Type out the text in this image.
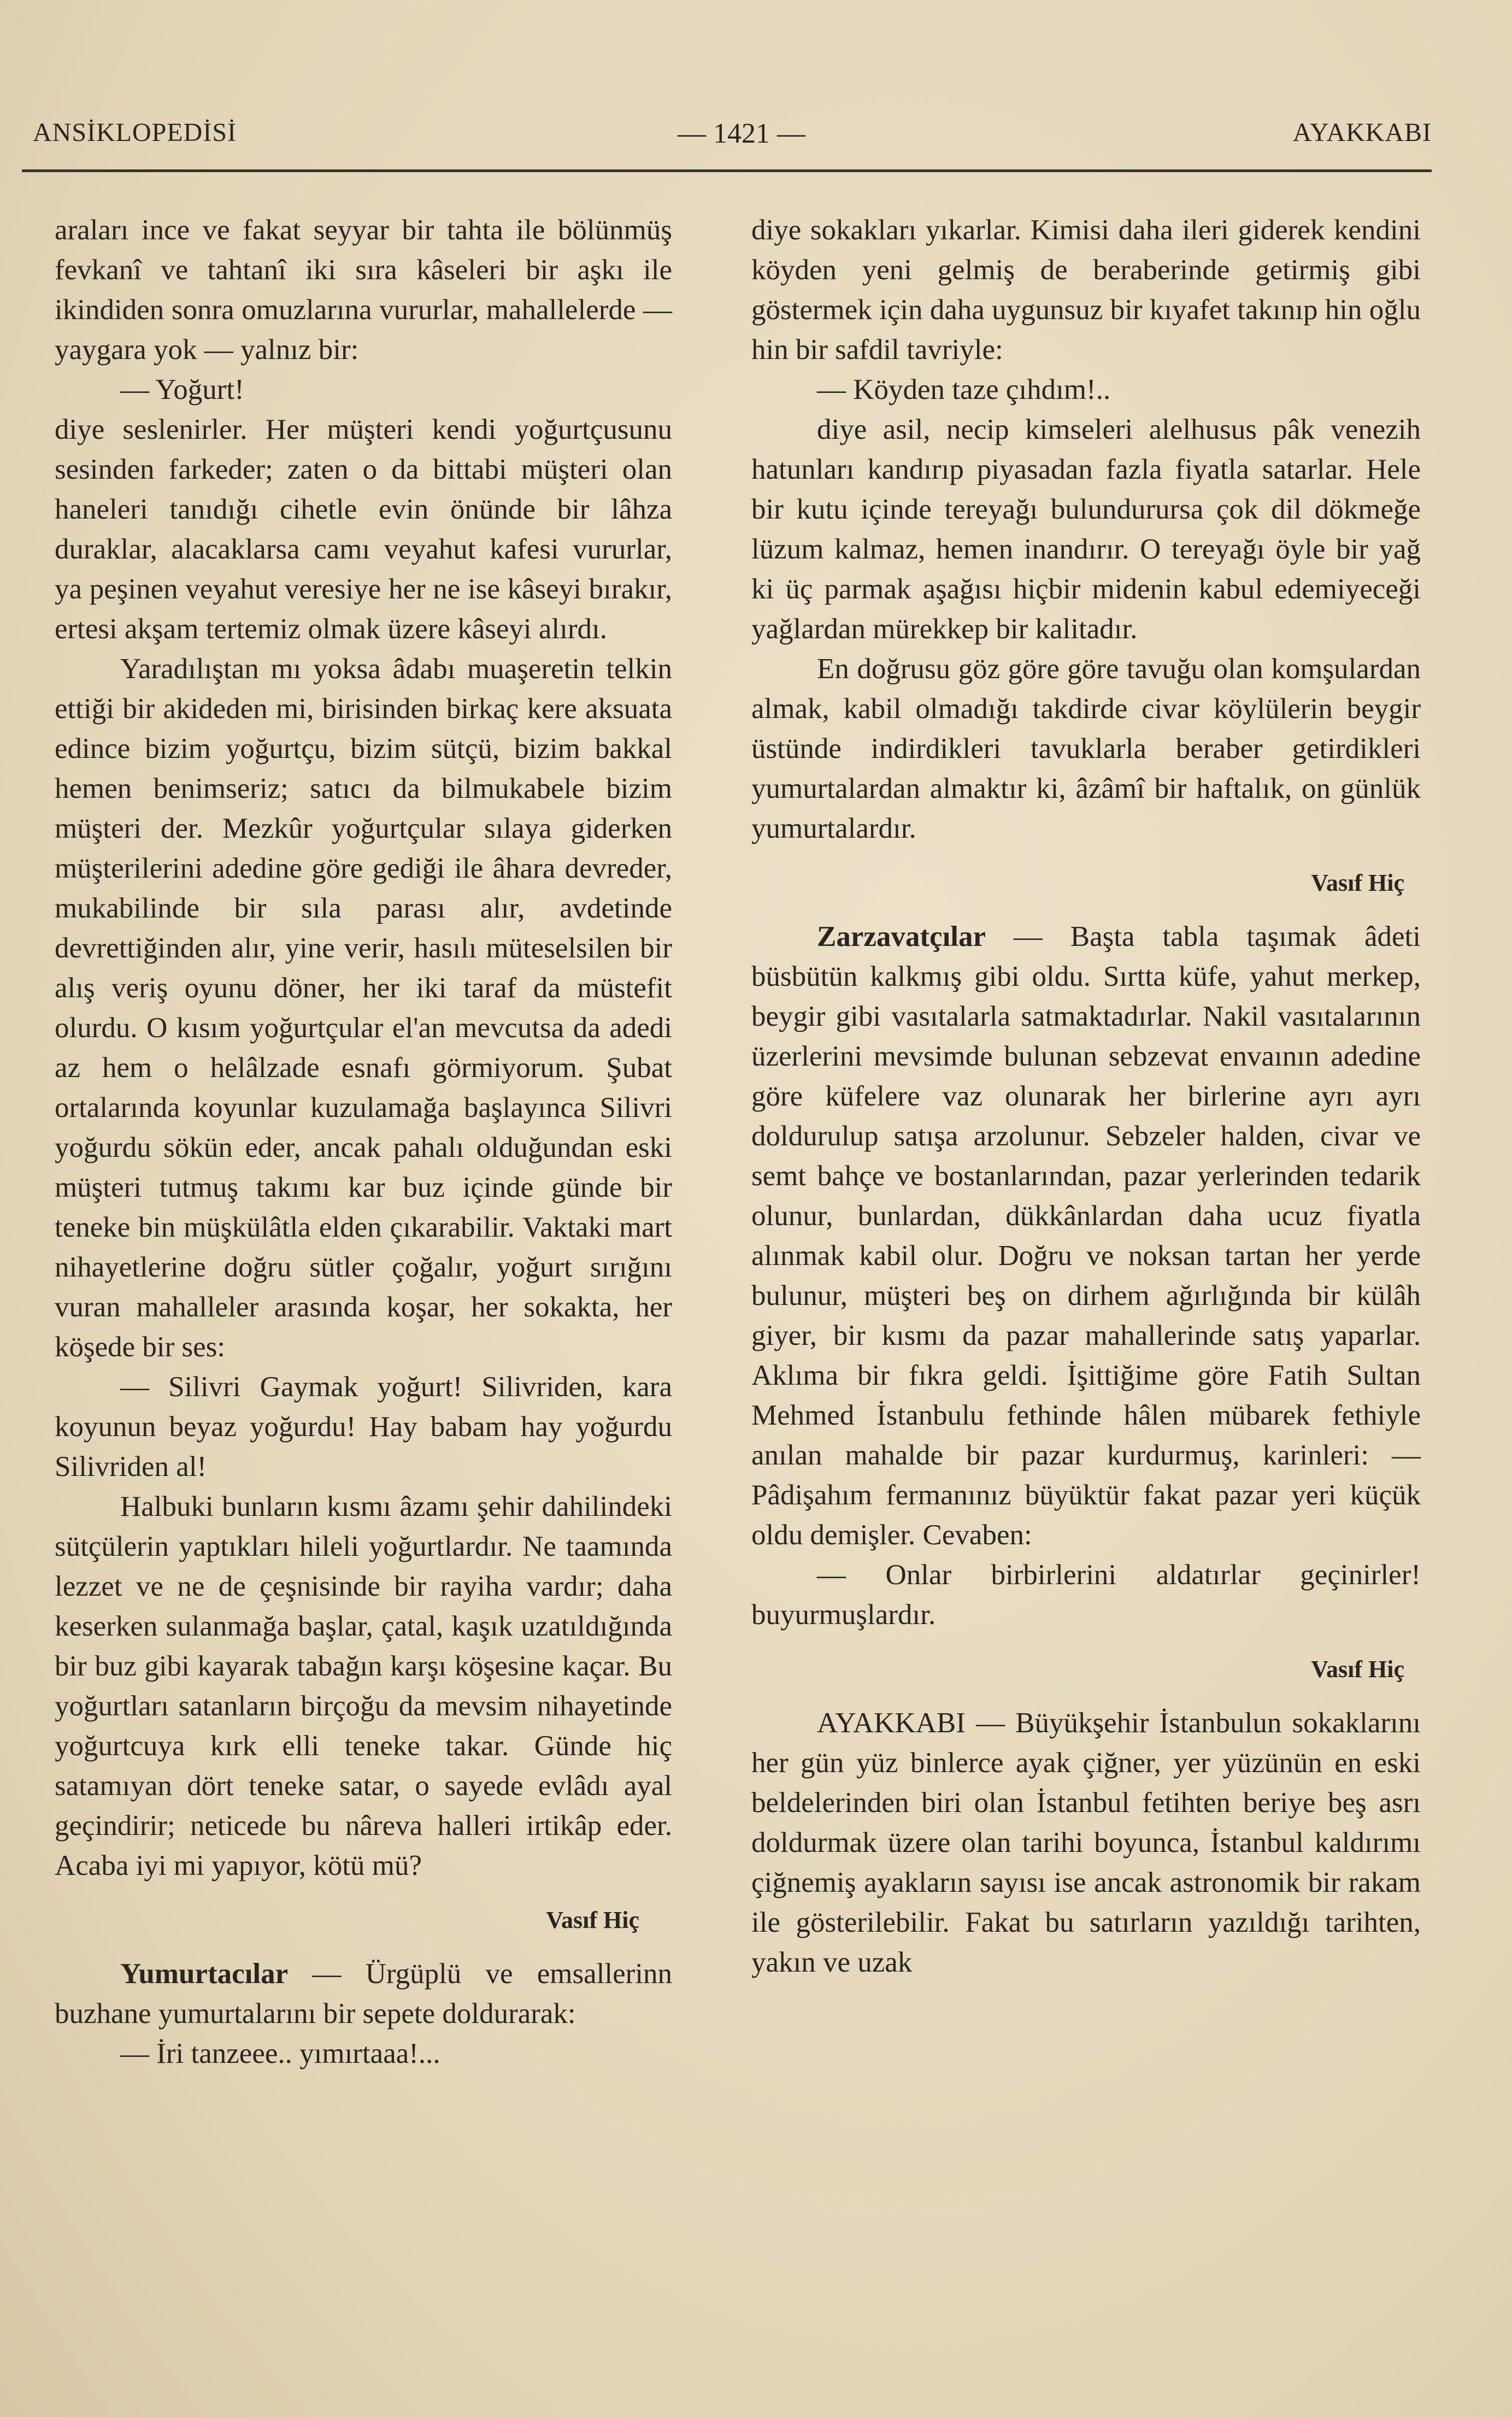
ANSİKLOPEDİSİ	— 1421 —	AYAKKABI

araları ince ve fakat seyyar bir tahta ile bölünmüş fevkanî ve tahtanî iki sıra kâseleri bir aşkı ile ikindiden sonra omuzlarına vururlar, mahallelerde — yaygara yok — yalnız bir:

— Yoğurt!

diye seslenirler. Her müşteri kendi yoğurtçusunu sesinden farkeder; zaten o da bittabi müşteri olan haneleri tanıdığı cihetle evin önünde bir lâhza duraklar, alacaklarsa camı veyahut kafesi vururlar, ya peşinen veyahut veresiye her ne ise kâseyi bırakır, ertesi akşam tertemiz olmak üzere kâseyi alırdı.

Yaradılıştan mı yoksa âdabı muaşeretin telkin ettiği bir akideden mi, birisinden birkaç kere aksuata edince bizim yoğurtçu, bizim sütçü, bizim bakkal hemen benimseriz; satıcı da bilmukabele bizim müşteri der. Mezkûr yoğurtçular sılaya giderken müşterilerini adedine göre gediği ile âhara devreder, mukabilinde bir sıla parası alır, avdetinde devrettiğinden alır, yine verir, hasılı müteselsilen bir alış veriş oyunu döner, her iki taraf da müstefit olurdu. O kısım yoğurtçular el'an mevcutsa da adedi az hem o helâlzade esnafı görmiyorum. Şubat ortalarında koyunlar kuzulamağa başlayınca Silivri yoğurdu sökün eder, ancak pahalı olduğundan eski müşteri tutmuş takımı kar buz içinde günde bir teneke bin müşkülâtla elden çıkarabilir. Vaktaki mart nihayetlerine doğru sütler çoğalır, yoğurt sırığını vuran mahalleler arasında koşar, her sokakta, her köşede bir ses:

— Silivri Gaymak yoğurt! Silivriden, kara koyunun beyaz yoğurdu! Hay babam hay yoğurdu Silivriden al!

Halbuki bunların kısmı âzamı şehir dahilindeki sütçülerin yaptıkları hileli yoğurtlardır. Ne taamında lezzet ve ne de çeşnisinde bir rayiha vardır; daha keserken sulanmağa başlar, çatal, kaşık uzatıldığında bir buz gibi kayarak tabağın karşı köşesine kaçar. Bu yoğurtları satanların birçoğu da mevsim nihayetinde yoğurtcuya kırk elli teneke takar. Günde hiç satamıyan dört teneke satar, o sayede evlâdı ayal geçindirir; neticede bu nâreva halleri irtikâp eder. Acaba iyi mi yapıyor, kötü mü?

Vasıf Hiç

Yumurtacılar — Ürgüplü ve emsallerinn buzhane yumurtalarını bir sepete doldurarak:

— İri tanzeee.. yımırtaaa!...

diye sokakları yıkarlar. Kimisi daha ileri giderek kendini köyden yeni gelmiş de beraberinde getirmiş gibi göstermek için daha uygunsuz bir kıyafet takınıp hin oğlu hin bir safdil tavriyle:

— Köyden taze çıhdım!..

diye asil, necip kimseleri alelhusus pâk venezih hatunları kandırıp piyasadan fazla fiyatla satarlar. Hele bir kutu içinde tereyağı bulundurursa çok dil dökmeğe lüzum kalmaz, hemen inandırır. O tereyağı öyle bir yağ ki üç parmak aşağısı hiçbir midenin kabul edemiyeceği yağlardan mürekkep bir kalitadır.

En doğrusu göz göre göre tavuğu olan komşulardan almak, kabil olmadığı takdirde civar köylülerin beygir üstünde indirdikleri tavuklarla beraber getirdikleri yumurtalardan almaktır ki, âzâmî bir haftalık, on günlük yumurtalardır.

Vasıf Hiç

Zarzavatçılar — Başta tabla taşımak âdeti büsbütün kalkmış gibi oldu. Sırtta küfe, yahut merkep, beygir gibi vasıtalarla satmaktadırlar. Nakil vasıtalarının üzerlerini mevsimde bulunan sebzevat envaının adedine göre küfelere vaz olunarak her birlerine ayrı ayrı doldurulup satışa arzolunur. Sebzeler halden, civar ve semt bahçe ve bostanlarından, pazar yerlerinden tedarik olunur, bunlardan, dükkânlardan daha ucuz fiyatla alınmak kabil olur. Doğru ve noksan tartan her yerde bulunur, müşteri beş on dirhem ağırlığında bir külâh giyer, bir kısmı da pazar mahallerinde satış yaparlar. Aklıma bir fıkra geldi. İşittiğime göre Fatih Sultan Mehmed İstanbulu fethinde hâlen mübarek fethiyle anılan mahalde bir pazar kurdurmuş, karinleri: — Pâdişahım fermanınız büyüktür fakat pazar yeri küçük oldu demişler. Cevaben:

— Onlar birbirlerini aldatırlar geçinirler! buyurmuşlardır.

Vasıf Hiç

AYAKKABI — Büyükşehir İstanbulun sokaklarını her gün yüz binlerce ayak çiğner, yer yüzünün en eski beldelerinden biri olan İstanbul fetihten beriye beş asrı doldurmak üzere olan tarihi boyunca, İstanbul kaldırımı çiğnemiş ayakların sayısı ise ancak astronomik bir rakam ile gösterilebilir. Fakat bu satırların yazıldığı tarihten, yakın ve uzak
